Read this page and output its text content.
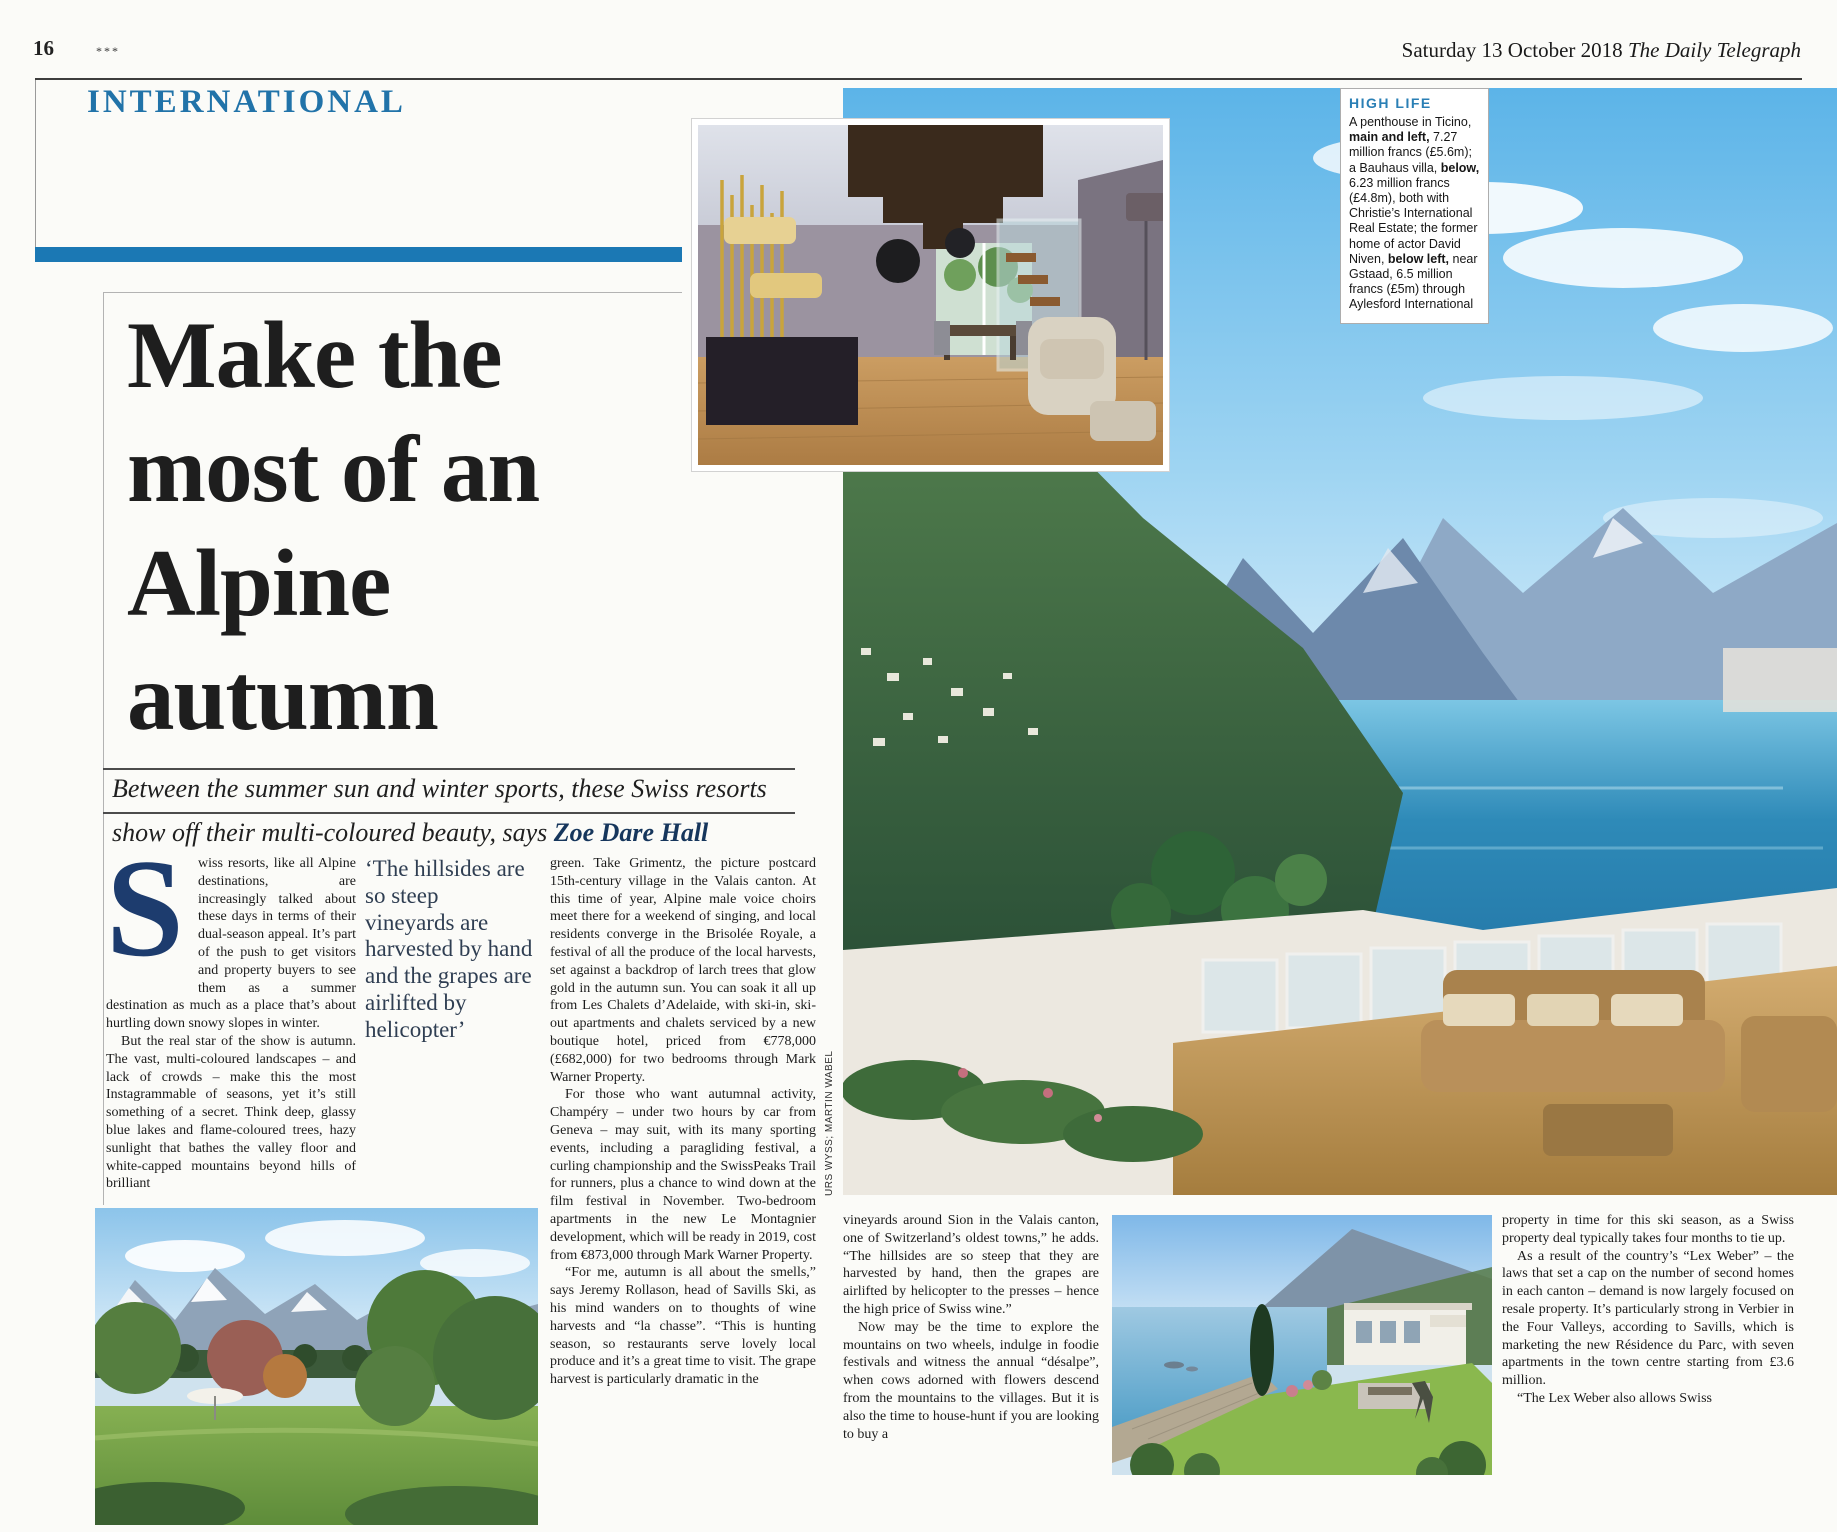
16	***	Saturday 13 October 2018 The Daily Telegraph
INTERNATIONAL	HIGH LIFE
A penthouse in Ticino, main and left, 7.27 million francs (£5.6m); a Bauhaus villa, below, 6.23 million francs (£4.8m), both with Christie’s International Real Estate; the former home of actor David Niven, below left, near Gstaad, 6.5 million francs (£5m) through Aylesford International
Make the
most of an
Alpine
autumn
Between the summer sun and winter sports, these Swiss resorts
show off their multi-coloured beauty, says Zoe Dare Hall

S	wiss resorts, like all Alpine destinations, are increasingly talked about these days in terms of their dual-season appeal. It’s part of the push to get visitors and property buyers to see them as a summer destination as much as a place that’s about hurtling down snowy slopes in winter.

But the real star of the show is autumn. The vast, multi-coloured landscapes – and lack of crowds – make this the most Instagrammable of seasons, yet it’s still something of a secret. Think deep, glassy blue lakes and flame-coloured trees, hazy sunlight that bathes the valley floor and white-capped mountains beyond hills of brilliant

‘The hillsides are so steep vineyards are harvested by hand and the grapes are airlifted by helicopter’

green. Take Grimentz, the picture postcard 15th-century village in the Valais canton. At this time of year, Alpine male voice choirs meet there for a weekend of singing, and local residents converge in the Brisolée Royale, a festival of all the produce of the local harvests, set against a backdrop of larch trees that glow gold in the autumn sun. You can soak it all up from Les Chalets d’Adelaide, with ski-in, ski-out apartments and chalets serviced by a new boutique hotel, priced from €778,000 (£682,000) for two bedrooms through Mark Warner Property.

For those who want autumnal activity, Champéry – under two hours by car from Geneva – may suit, with its many sporting events, including a paragliding festival, a curling championship and the SwissPeaks Trail for runners, plus a chance to wind down at the film festival in November. Two-bedroom apartments in the new Le Montagnier development, which will be ready in 2019, cost from €873,000 through Mark Warner Property.

“For me, autumn is all about the smells,” says Jeremy Rollason, head of Savills Ski, as his mind wanders on to thoughts of wine harvests and “la chasse”. “This is hunting season, so restaurants serve lovely local produce and it’s a great time to visit. The grape harvest is particularly dramatic in the

vineyards around Sion in the Valais canton, one of Switzerland’s oldest towns,” he adds. “The hillsides are so steep that they are harvested by hand, then the grapes are airlifted by helicopter to the presses – hence the high price of Swiss wine.”

Now may be the time to explore the mountains on two wheels, indulge in foodie festivals and witness the annual “désalpe”, when cows adorned with flowers descend from the mountains to the villages. But it is also the time to house-hunt if you are looking to buy a

property in time for this ski season, as a Swiss property deal typically takes four months to tie up.

As a result of the country’s “Lex Weber” – the laws that set a cap on the number of second homes in each canton – demand is now largely focused on resale property. It’s particularly strong in Verbier in the Four Valleys, according to Savills, which is marketing the new Résidence du Parc, with seven apartments in the town centre starting from £3.6 million.

“The Lex Weber also allows Swiss

URS WYSS; MARTIN WABEL
